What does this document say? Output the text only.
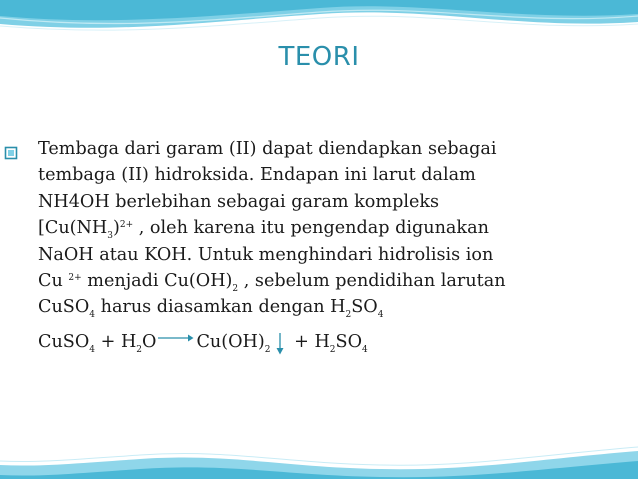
TEORI
Tembaga dari garam (II) dapat diendapkan sebagai
tembaga (II) hidroksida. Endapan ini larut dalam
NH4OH berlebihan sebagai garam kompleks
[$Cu(NH_3)^{2+}$ , oleh karena itu pengendap digunakan
NaOH atau KOH. Untuk menghindari hidrolisis ion
Cu $^{2+}$ menjadi $Cu(OH)_2$ , sebelum pendidihan larutan
CuSO$_4$ harus diasamkan dengan $H_2SO_4$
CuSO$_4$ + $H_2O$ $Cu(OH)_2 + H_2SO_4$
